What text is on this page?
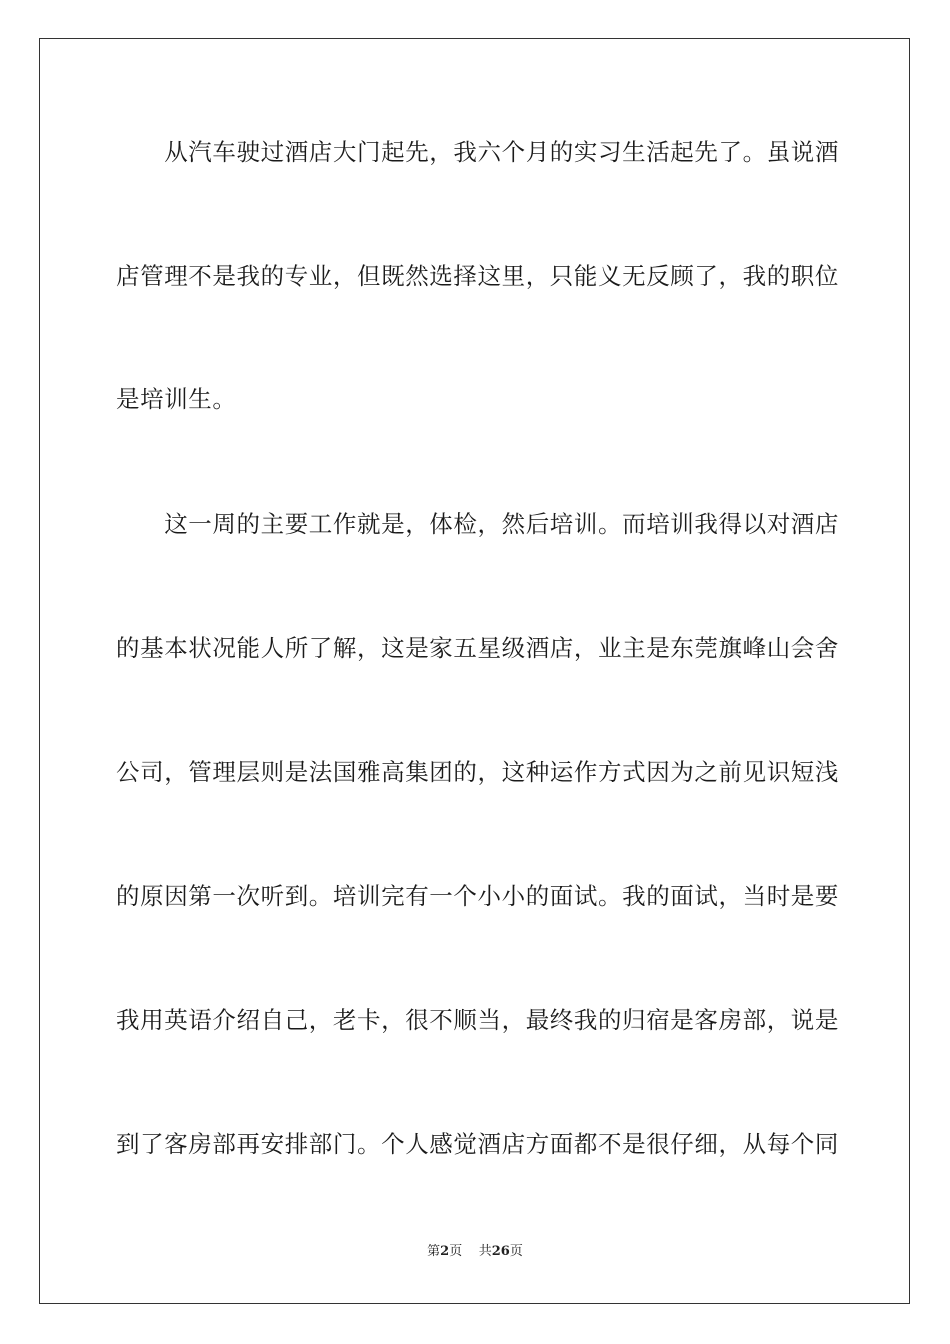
　　从汽车驶过酒店大门起先，我六个月的实习生活起先了。虽说酒
店管理不是我的专业，但既然选择这里，只能义无反顾了，我的职位
是培训生。
　　这一周的主要工作就是，体检，然后培训。而培训我得以对酒店
的基本状况能人所了解，这是家五星级酒店，业主是东莞旗峰山会舍
公司，管理层则是法国雅高集团的，这种运作方式因为之前见识短浅
的原因第一次听到。培训完有一个小小的面试。我的面试，当时是要
我用英语介绍自己，老卡，很不顺当，最终我的归宿是客房部，说是
到了客房部再安排部门。个人感觉酒店方面都不是很仔细，从每个同
第2页 共26页
